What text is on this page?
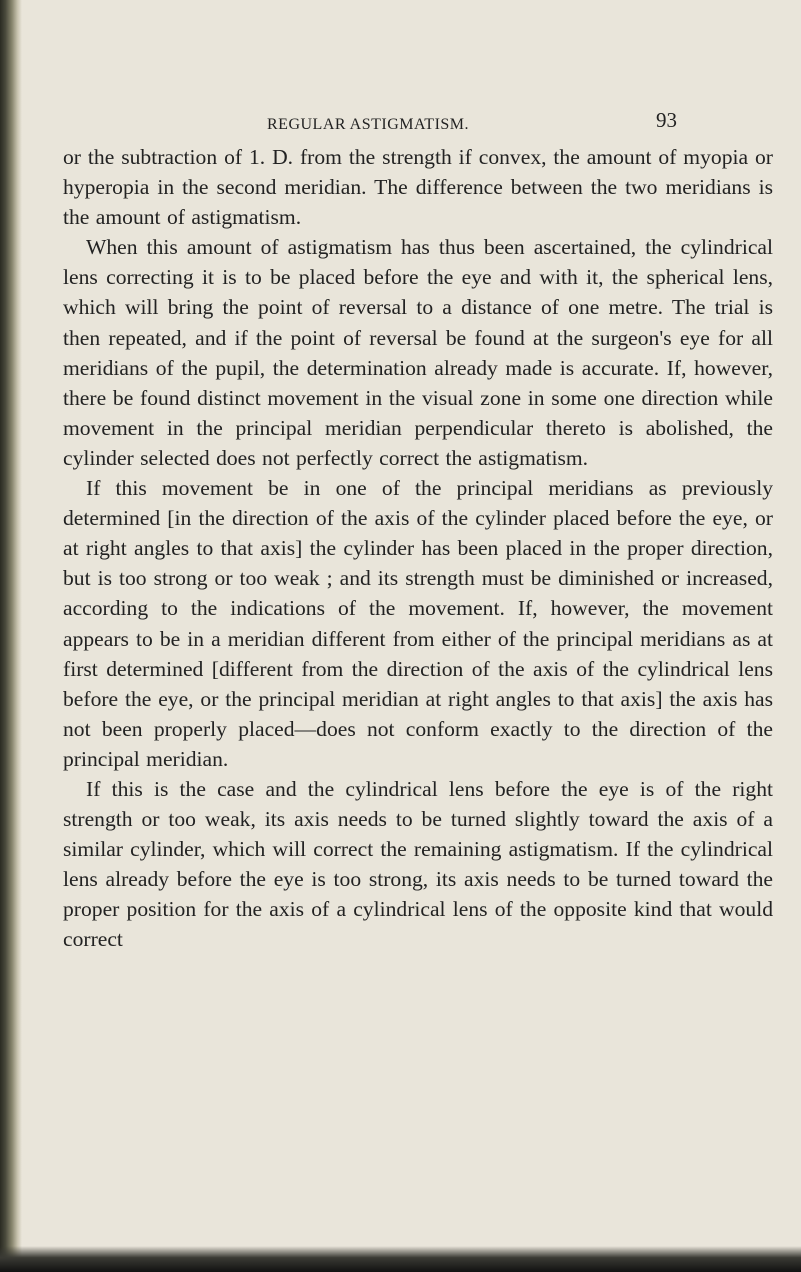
REGULAR ASTIGMATISM.	93

or the subtraction of 1. D. from the strength if convex, the amount of myopia or hyperopia in the second meridian. The difference between the two meridians is the amount of astigmatism.

When this amount of astigmatism has thus been ascertained, the cylindrical lens correcting it is to be placed before the eye and with it, the spherical lens, which will bring the point of reversal to a distance of one metre. The trial is then repeated, and if the point of reversal be found at the surgeon's eye for all meridians of the pupil, the determination already made is accurate. If, however, there be found distinct movement in the visual zone in some one direction while movement in the principal meridian perpendicular thereto is abolished, the cylinder selected does not perfectly correct the astigmatism.

If this movement be in one of the principal meridians as previously determined [in the direction of the axis of the cylinder placed before the eye, or at right angles to that axis] the cylinder has been placed in the proper direction, but is too strong or too weak ; and its strength must be diminished or increased, according to the indications of the movement. If, however, the movement appears to be in a meridian different from either of the principal meridians as at first determined [different from the direction of the axis of the cylindrical lens before the eye, or the principal meridian at right angles to that axis] the axis has not been properly placed—does not conform exactly to the direction of the principal meridian.

If this is the case and the cylindrical lens before the eye is of the right strength or too weak, its axis needs to be turned slightly toward the axis of a similar cylinder, which will correct the remaining astigmatism. If the cylindrical lens already before the eye is too strong, its axis needs to be turned toward the proper position for the axis of a cylindrical lens of the opposite kind that would correct
